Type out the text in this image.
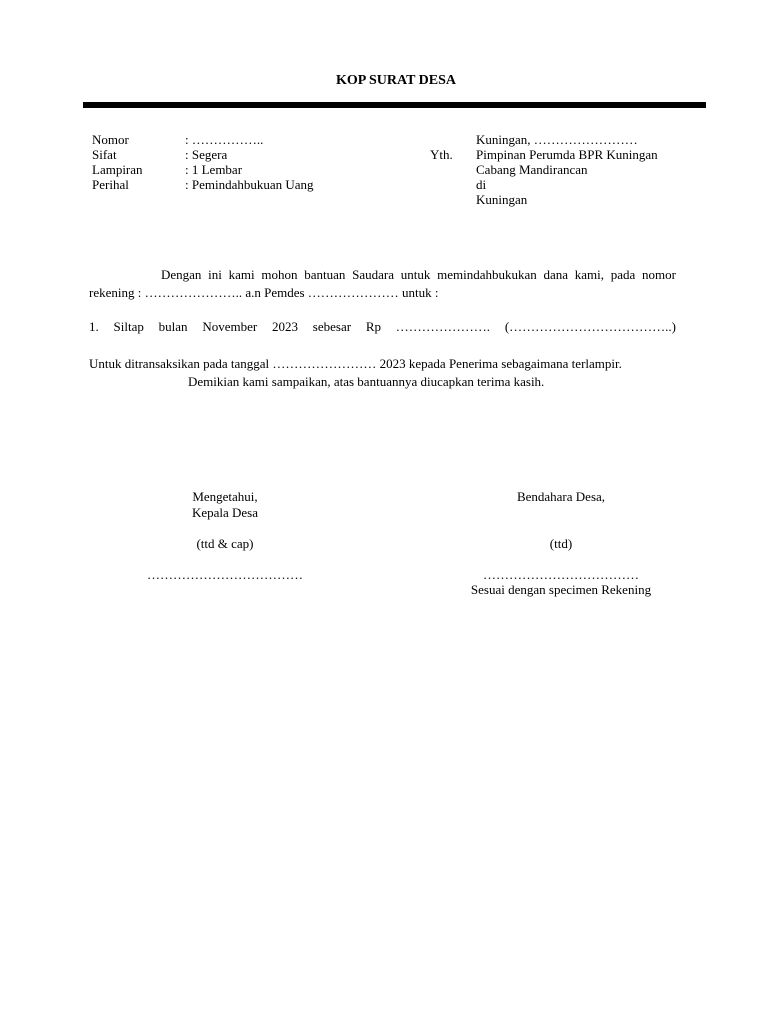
KOP SURAT DESA
Nomor	: ……………..
Sifat	: Segera
Lampiran	: 1 Lembar
Perihal	: Pemindahbukuan Uang
Kuningan, ……………………
Yth. Pimpinan Perumda BPR Kuningan
Cabang Mandirancan
di
Kuningan
Dengan ini kami mohon bantuan Saudara untuk memindahbukukan dana kami, pada nomor rekening : ………………….. a.n Pemdes ………………… untuk :
1. Siltap bulan November 2023 sebesar Rp …………………. (………………………………..)
Untuk ditransaksikan pada tanggal …………………… 2023 kepada Penerima sebagaimana terlampir.
Demikian kami sampaikan, atas bantuannya diucapkan terima kasih.
Mengetahui,
Kepala Desa
(ttd & cap)
………………………………
Bendahara Desa,
(ttd)
………………………………
Sesuai dengan specimen Rekening
